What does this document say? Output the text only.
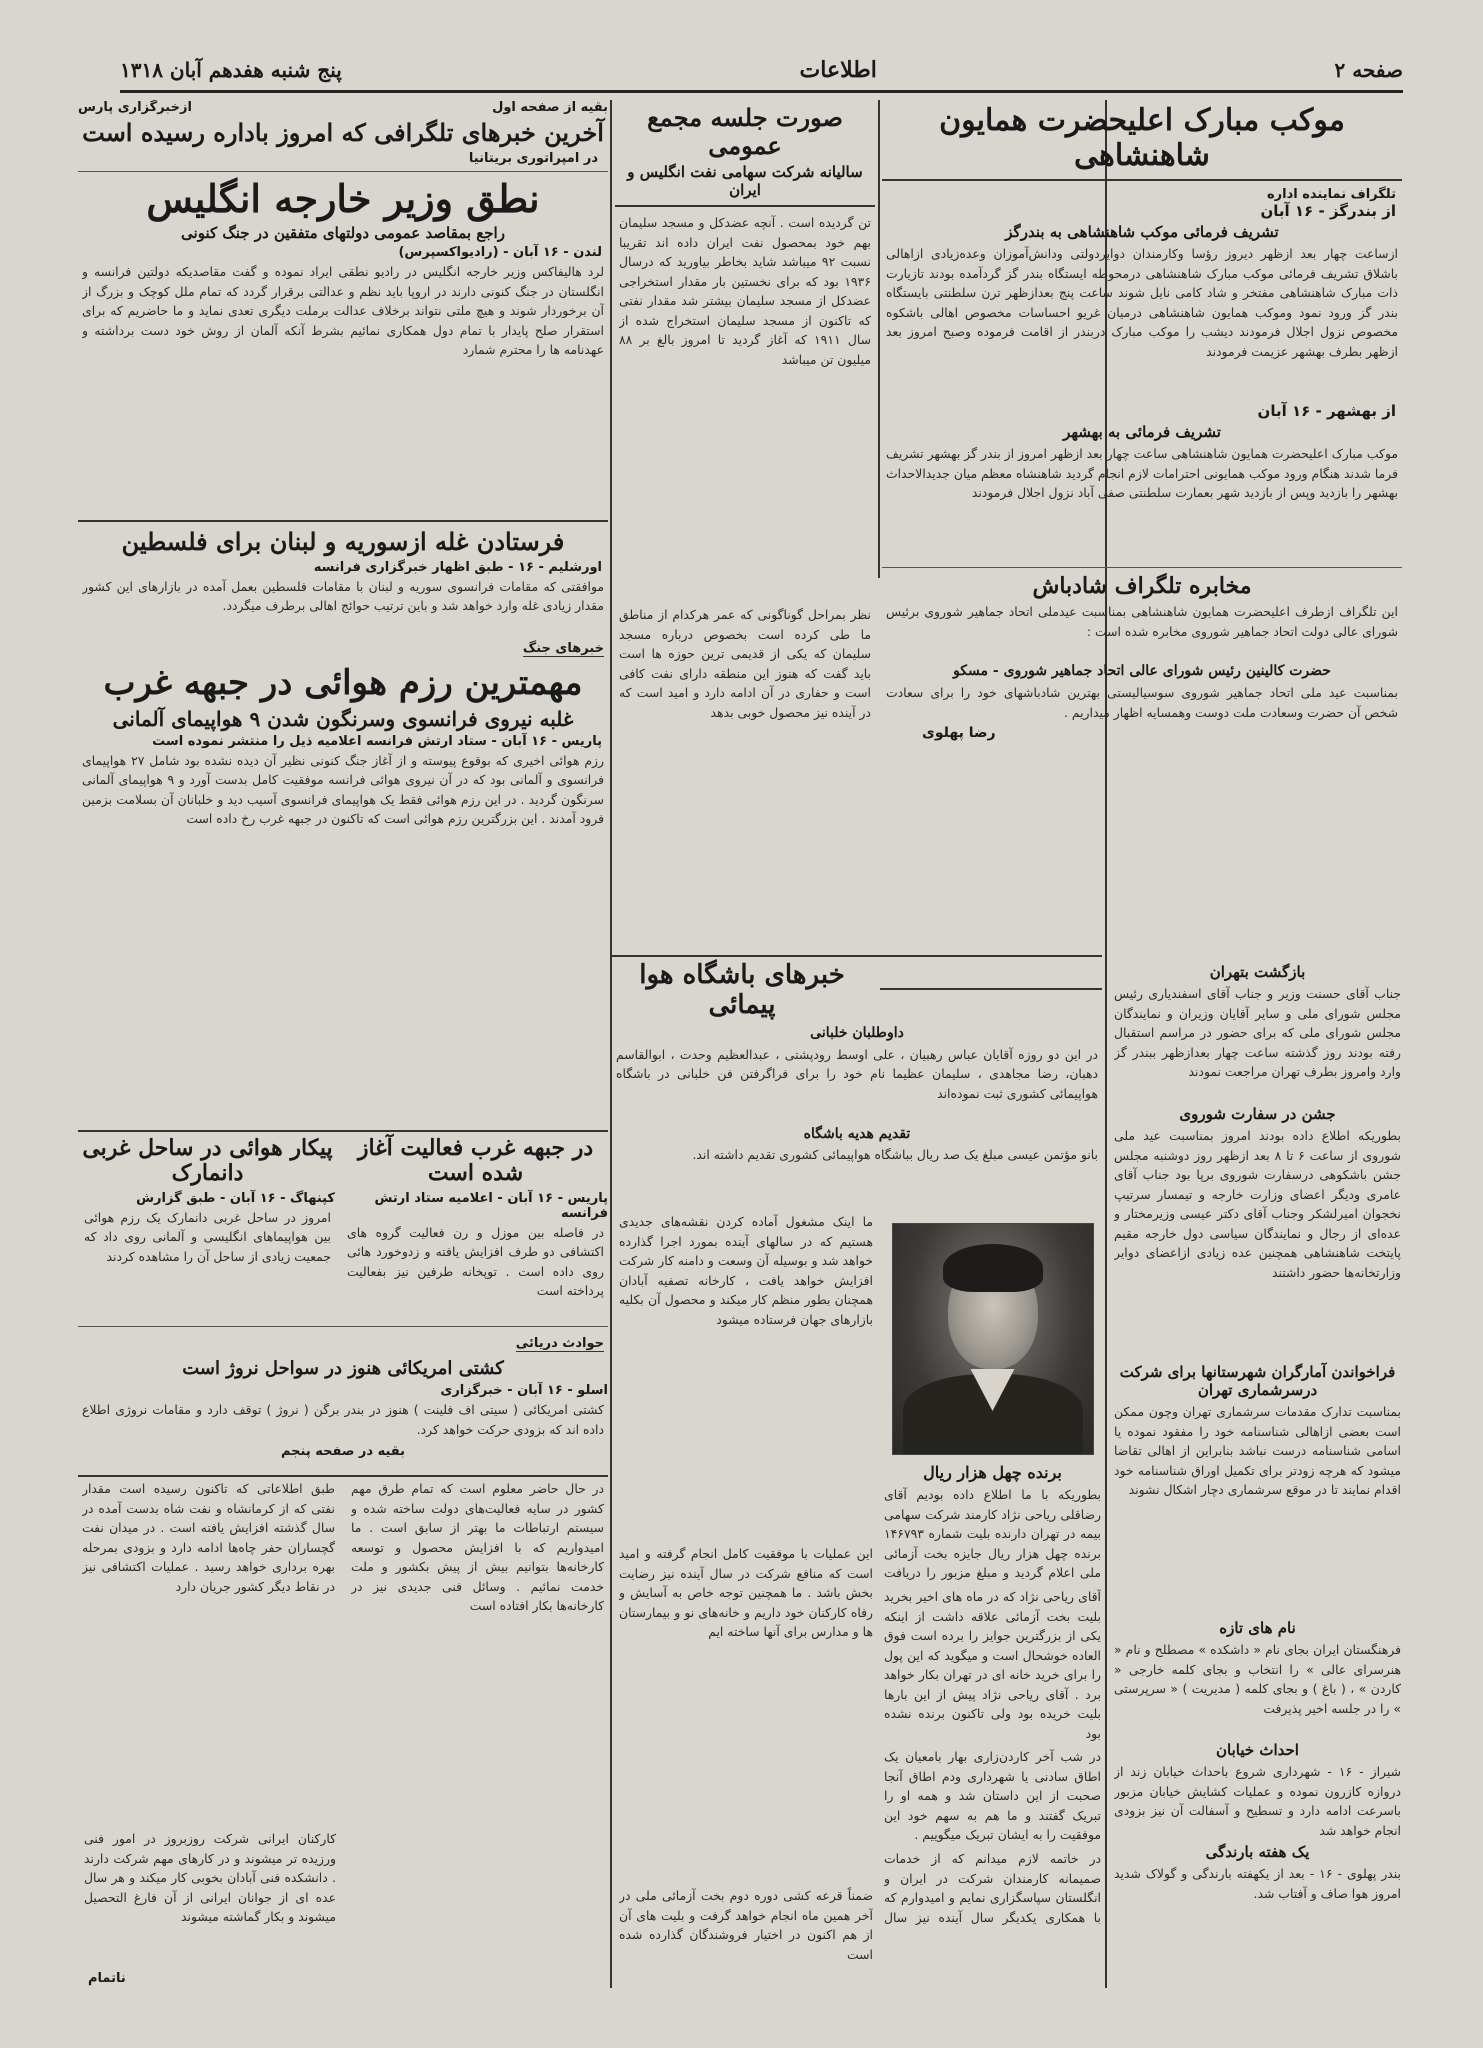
صفحه ۲
اطلاعات
پنج شنبه هفدهم آبان ۱۳۱۸
موکب مبارک اعلیحضرت همایون شاهنشاهی
تلگراف نماینده اداره
از بندرگز - ۱۶ آبان
تشریف فرمائی موکب شاهنشاهی به بندرگز
ازساعت چهار بعد ازظهر دیروز رؤسا وکارمندان دوایردولتی ودانش‌آموزان وعده‌زیادی ازاهالی باشلاق تشریف فرمائی موکب مبارک شاهنشاهی درمحوطه ایستگاه بندر گز گردآمده بودند تازیارت ذات مبارک شاهنشاهی مفتخر و شاد کامی نایل شوند ساعت پنج بعدازظهر ترن سلطنتی بایستگاه بندر گز ورود نمود وموکب همایون شاهنشاهی درمیان غریو احساسات مخصوص اهالی باشکوه مخصوص نزول اجلال فرمودند دیشب را موکب مبارک دربندر از اقامت فرموده وصبح امروز بعد ازظهر بطرف بهشهر عزیمت فرمودند
از بهشهر - ۱۶ آبان
تشریف فرمائی به بهشهر
موکب مبارک اعلیحضرت همایون شاهنشاهی ساعت چهار بعد ازظهر امروز از بندر گز بهشهر تشریف فرما شدند هنگام ورود موکب همایونی احترامات لازم انجام گردید شاهنشاه معظم میان جدیدالاحداث بهشهر را بازدید وپس از بازدید شهر بعمارت سلطنتی صفی آباد نزول اجلال فرمودند
مخابره تلگراف شادباش
این تلگراف ازطرف اعلیحضرت همایون شاهنشاهی بمناسبت عیدملی اتحاد جماهیر شوروی برئیس شورای عالی دولت اتحاد جماهیر شوروی مخابره شده است :
حضرت کالینین رئیس شورای عالی اتحاد جماهیر شوروی - مسکو
بمناسبت عید ملی اتحاد جماهیر شوروی سوسیالیستی بهترین شادباشهای خود را برای سعادت شخص آن حضرت وسعادت ملت دوست وهمسایه اظهار میداریم .
رضا پهلوی
خبرهای باشگاه هوا پیمائی
داوطلبان خلبانی
در این دو روزه آقایان عباس رهبیان ، علی اوسط رودپشتی ، عبدالعظیم وحدت ، ابوالقاسم دهبان، رضا مجاهدی ، سلیمان عظیما نام خود را برای فراگرفتن فن خلبانی در باشگاه هواپیمائی کشوری ثبت نموده‌اند
تقدیم هدیه باشگاه
بانو مؤتمن عیسی مبلغ یک صد ریال بباشگاه هواپیمائی کشوری تقدیم داشته اند.
بازگشت بتهران
جناب آقای حسنت وزیر و جناب آقای اسفندیاری رئیس مجلس شورای ملی و سایر آقایان وزیران و نمایندگان مجلس شورای ملی که برای حضور در مراسم استقبال رفته بودند روز گذشته ساعت چهار بعدازظهر ببندر گز وارد وامروز بطرف تهران مراجعت نمودند
جشن در سفارت شوروی
بطوریکه اطلاع داده بودند امروز بمناسبت عید ملی شوروی از ساعت ۶ تا ۸ بعد ازظهر روز دوشنبه مجلس جشن باشکوهی درسفارت شوروی برپا بود جناب آقای عامری ودیگر اعضای وزارت خارجه و تیمسار سرتیپ نخجوان امیرلشکر وجناب آقای دکتر عیسی وزیرمختار و عده‌ای از رجال و نمایندگان سیاسی دول خارجه مقیم پایتخت شاهنشاهی همچنین عده زیادی ازاعضای دوایر وزارتخانه‌ها حضور داشتند
فراخواندن آمارگران شهرستانها برای شرکت درسرشماری تهران
بمناسبت تدارک مقدمات سرشماری تهران وچون ممکن است بعضی ازاهالی شناسنامه خود را مفقود نموده یا اسامی شناسنامه درست نباشد بنابراین از اهالی تقاضا میشود که هرچه زودتر برای تکمیل اوراق شناسنامه خود اقدام نمایند تا در موقع سرشماری دچار اشکال نشوند
نام های تازه
فرهنگستان ایران بجای نام « داشکده » مصطلح و نام « هنرسرای عالی » را انتخاب و بجای کلمه خارجی « کاردن » ، ( باغ ) و بجای کلمه ( مدیریت ) « سرپرستی » را در جلسه اخیر پذیرفت
احداث خیابان
شیراز - ۱۶ - شهرداری شروع باحداث خیابان زند از دروازه کازرون نموده و عملیات کشایش خیابان مزبور باسرعت ادامه دارد و تسطیح و آسفالت آن نیز بزودی انجام خواهد شد
یک هفته بارندگی
بندر پهلوی - ۱۶ - بعد از یکهفته بارندگی و گولاک شدید امروز هوا صاف و آفتاب شد.
صورت جلسه مجمع عمومی
سالیانه شرکت سهامی نفت انگلیس و ایران
تن گردیده است . آنچه عضدکل و مسجد سلیمان بهم خود بمحصول نفت ایران داده اند تقریبا نسبت ۹۲ میباشد شاید بخاطر بیاورید که درسال ۱۹۳۶ بود که برای نخستین بار مقدار استخراجی عضدکل از مسجد سلیمان بیشتر شد مقدار نفتی که تاکنون از مسجد سلیمان استخراج شده از سال ۱۹۱۱ که آغاز گردید تا امروز بالغ بر ۸۸ میلیون تن میباشد
نظر بمراحل گوناگونی که عمر هرکدام از مناطق ما طی کرده است بخصوص درباره مسجد سلیمان که یکی از قدیمی ترین حوزه ها است باید گفت که هنوز این منطقه دارای نفت کافی است و حفاری در آن ادامه دارد و امید است که در آینده نیز محصول خوبی بدهد
ما اینک مشغول آماده کردن نقشه‌های جدیدی هستیم که در سالهای آینده بمورد اجرا گذارده خواهد شد و بوسیله آن وسعت و دامنه کار شرکت افزایش خواهد یافت ، کارخانه تصفیه آبادان همچنان بطور منظم کار میکند و محصول آن بکلیه بازارهای جهان فرستاده میشود
این عملیات با موفقیت کامل انجام گرفته و امید است که منافع شرکت در سال آینده نیز رضایت بخش باشد . ما همچنین توجه خاص به آسایش و رفاه کارکنان خود داریم و خانه‌های نو و بیمارستان ها و مدارس برای آنها ساخته ایم
ضمناً قرعه کشی دوره دوم بخت آزمائی ملی در آخر همین ماه انجام خواهد گرفت و بلیت های آن از هم اکنون در اختیار فروشندگان گذارده شده است
برنده چهل هزار ریال
بطوریکه با ما اطلاع داده بودیم آقای رضاقلی ریاحی نژاد کارمند شرکت سهامی بیمه در تهران دارنده بلیت شماره ۱۴۶۷۹۳ برنده چهل هزار ریال جایزه بخت آزمائی ملی اعلام گردید و مبلغ مزبور را دریافت
آقای ریاحی نژاد که در ماه های اخیر بخرید بلیت بخت آزمائی علاقه داشت از اینکه یکی از بزرگترین جوایز را برده است فوق العاده خوشحال است و میگوید که این پول را برای خرید خانه ای در تهران بکار خواهد برد . آقای ریاحی نژاد پیش از این بارها بلیت خریده بود ولی تاکنون برنده نشده بود
در شب آخر کاردن‌زاری بهار بامعیان یک اطاق سادنی یا شهرداری ودم اطاق آنجا صحبت از این داستان شد و همه او را تبریک گفتند و ما هم به سهم خود این موفقیت را به ایشان تبریک میگوییم .
در خاتمه لازم میدانم که از خدمات صمیمانه کارمندان شرکت در ایران و انگلستان سپاسگزاری نمایم و امیدوارم که با همکاری یکدیگر سال آینده نیز سال
بقیه از صفحه اول
ازخبرگزاری پارس
آخرین خبرهای تلگرافی که امروز باداره رسیده است
در امپراتوری بریتانیا
نطق وزیر خارجه انگلیس
راجع بمقاصد عمومی دولتهای متفقین در جنگ کنونی
لندن - ۱۶ آبان - (رادیواکسپرس)
لرد هالیفاکس وزیر خارجه انگلیس در رادیو نطقی ایراد نموده و گفت مقاصدیکه دولتین فرانسه و انگلستان در جنگ کنونی دارند در اروپا باید نظم و عدالتی برقرار گردد که تمام ملل کوچک و بزرگ از آن برخوردار شوند و هیچ ملتی نتواند برخلاف عدالت برملت دیگری تعدی نماید و ما حاضریم که برای استقرار صلح پایدار با تمام دول همکاری نمائیم بشرط آنکه آلمان از روش خود دست برداشته و عهدنامه ها را محترم شمارد
فرستادن غله ازسوریه و لبنان برای فلسطین
اورشلیم - ۱۶ - طبق اظهار خبرگزاری فرانسه
موافقتی که مقامات فرانسوی سوریه و لبنان با مقامات فلسطین بعمل آمده در بازارهای این کشور مقدار زیادی غله وارد خواهد شد و باین ترتیب حوائج اهالی برطرف میگردد.
خبرهای جنگ
مهمترین رزم هوائی در جبهه غرب
غلبه نیروی فرانسوی وسرنگون شدن ۹ هواپیمای آلمانی
پاریس - ۱۶ آبان - ستاد ارتش فرانسه اعلامیه ذیل را منتشر نموده است
رزم هوائی اخیری که بوقوع پیوسته و از آغاز جنگ کنونی نظیر آن دیده نشده بود شامل ۲۷ هواپیمای فرانسوی و آلمانی بود که در آن نیروی هوائی فرانسه موفقیت کامل بدست آورد و ۹ هواپیمای آلمانی سرنگون گردید . در این رزم هوائی فقط یک هواپیمای فرانسوی آسیب دید و خلبانان آن بسلامت بزمین فرود آمدند . این بزرگترین رزم هوائی است که تاکنون در جبهه غرب رخ داده است
در جبهه غرب فعالیت آغاز شده است
پاریس - ۱۶ آبان - اعلامیه ستاد ارتش فرانسه
در فاصله بین موزل و رن فعالیت گروه های اکتشافی دو طرف افزایش یافته و زدوخورد هائی روی داده است . توپخانه طرفین نیز بفعالیت پرداخته است
پیکار هوائی در ساحل غربی دانمارک
کپنهاگ - ۱۶ آبان - طبق گزارش
امروز در ساحل غربی دانمارک یک رزم هوائی بین هواپیماهای انگلیسی و آلمانی روی داد که جمعیت زیادی از ساحل آن را مشاهده کردند
حوادث دریائی
کشتی امریکائی هنوز در سواحل نروژ است
اسلو - ۱۶ آبان - خبرگزاری
کشتی امریکائی ( سیتی اف فلینت ) هنوز در بندر برگن ( نروژ ) توقف دارد و مقامات نروژی اطلاع داده اند که بزودی حرکت خواهد کرد.
بقیه در صفحه پنجم
در حال حاضر معلوم است که تمام طرق مهم کشور در سایه فعالیت‌های دولت ساخته شده و سیستم ارتباطات ما بهتر از سابق است . ما امیدواریم که با افزایش محصول و توسعه کارخانه‌ها بتوانیم بیش از پیش بکشور و ملت خدمت نمائیم . وسائل فنی جدیدی نیز در کارخانه‌ها بکار افتاده است
طبق اطلاعاتی که تاکنون رسیده است مقدار نفتی که از کرمانشاه و نفت شاه بدست آمده در سال گذشته افزایش یافته است . در میدان نفت گچساران حفر چاه‌ها ادامه دارد و بزودی بمرحله بهره برداری خواهد رسید . عملیات اکتشافی نیز در نقاط دیگر کشور جریان دارد
کارکنان ایرانی شرکت روزبروز در امور فنی ورزیده تر میشوند و در کارهای مهم شرکت دارند . دانشکده فنی آبادان بخوبی کار میکند و هر سال عده ای از جوانان ایرانی از آن فارغ التحصیل میشوند و بکار گماشته میشوند
ناتمام
